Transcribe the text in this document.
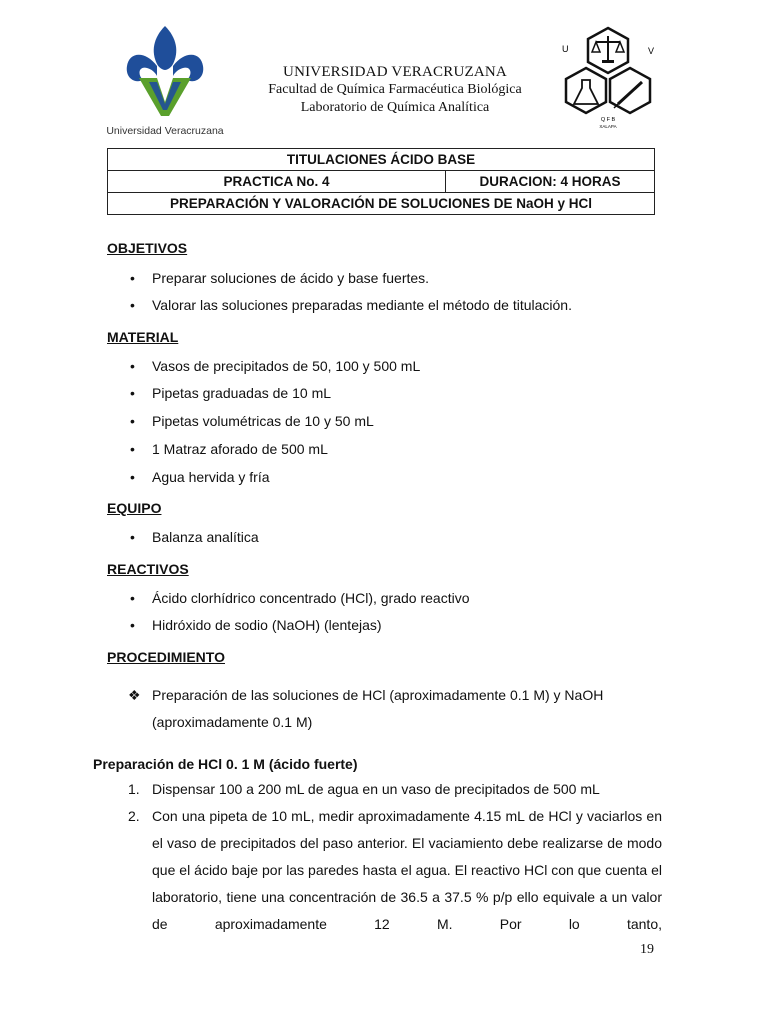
Universidad Veracruzana
UNIVERSIDAD VERACRUZANA
Facultad de Química Farmacéutica Biológica
Laboratorio de Química Analítica
U	V
Q F B
XALAPA
TITULACIONES ÁCIDO BASE
PRACTICA No. 4	DURACION: 4 HORAS
PREPARACIÓN Y VALORACIÓN DE SOLUCIONES DE NaOH y HCl
OBJETIVOS
•	Preparar soluciones de ácido y base fuertes.
•	Valorar las soluciones preparadas mediante el método de titulación.
MATERIAL
•	Vasos de precipitados de 50, 100 y 500 mL
•	Pipetas graduadas de 10 mL
•	Pipetas volumétricas de 10 y 50 mL
•	1 Matraz aforado de 500 mL
•	Agua hervida y fría
EQUIPO
•	Balanza analítica
REACTIVOS
•	Ácido clorhídrico concentrado (HCl), grado reactivo
•	Hidróxido de sodio (NaOH) (lentejas)
PROCEDIMIENTO
❖ Preparación de las soluciones de HCl (aproximadamente 0.1 M) y NaOH
(aproximadamente 0.1 M)
Preparación de HCl 0. 1 M (ácido fuerte)
1. Dispensar 100 a 200 mL de agua en un vaso de precipitados de 500 mL
2. Con una pipeta de 10 mL, medir aproximadamente 4.15 mL de HCl y vaciarlos en el vaso de precipitados del paso anterior. El vaciamiento debe realizarse de modo que el ácido baje por las paredes hasta el agua. El reactivo HCl con que cuenta el laboratorio, tiene una concentración de 36.5 a 37.5 % p/p ello equivale a un valor de aproximadamente 12 M. Por lo tanto,
19
